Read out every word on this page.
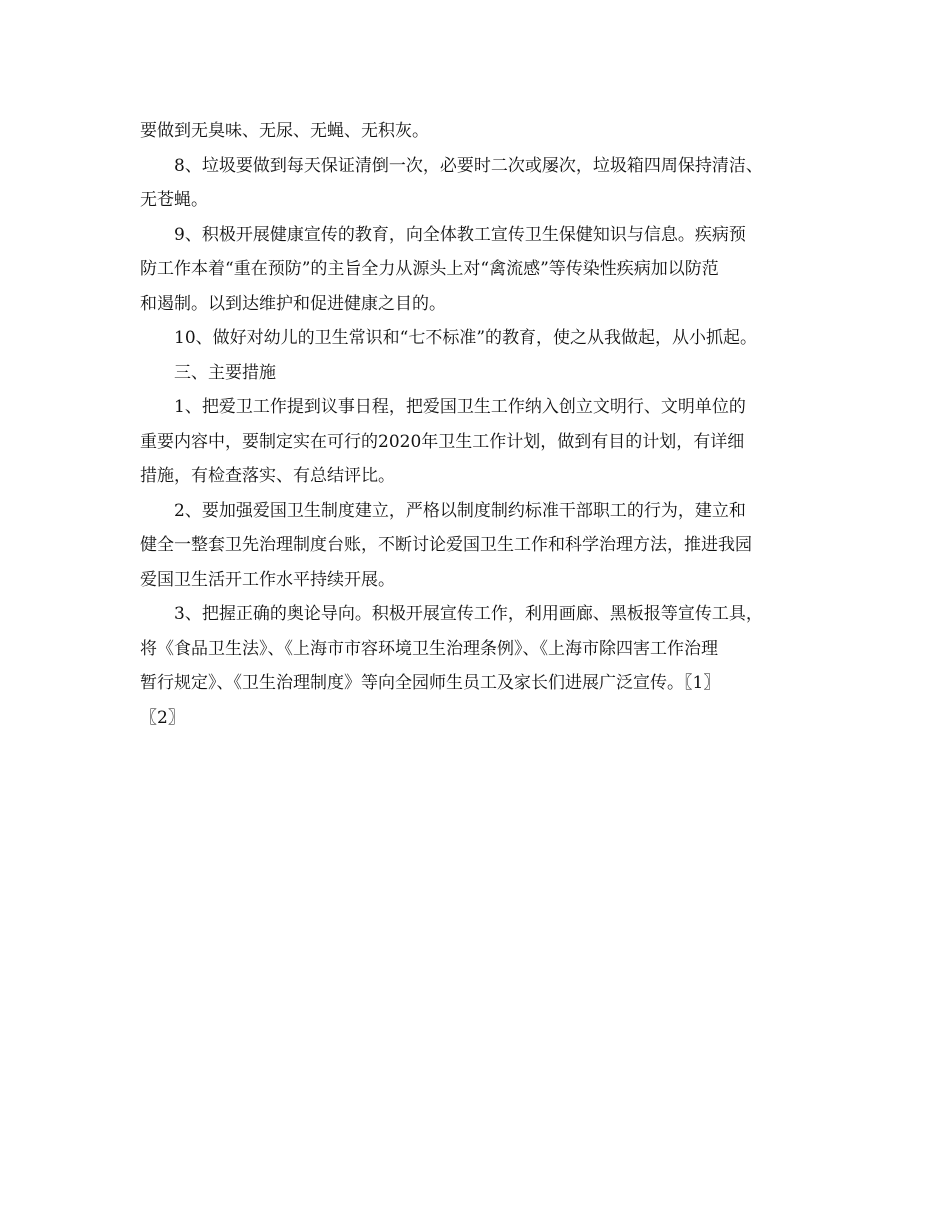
要做到无臭味、无尿、无蝇、无积灰。
8、垃圾要做到每天保证清倒一次，必要时二次或屡次，垃圾箱四周保持清洁、
无苍蝇。
9、积极开展健康宣传的教育，向全体教工宣传卫生保健知识与信息。疾病预
防工作本着“重在预防”的主旨全力从源头上对“禽流感”等传染性疾病加以防范
和遏制。以到达维护和促进健康之目的。
10、做好对幼儿的卫生常识和“七不标准”的教育，使之从我做起，从小抓起。
三、主要措施
1、把爱卫工作提到议事日程，把爱国卫生工作纳入创立文明行、文明单位的
重要内容中，要制定实在可行的2020年卫生工作计划，做到有目的计划，有详细
措施，有检查落实、有总结评比。
2、要加强爱国卫生制度建立，严格以制度制约标准干部职工的行为，建立和
健全一整套卫先治理制度台账，不断讨论爱国卫生工作和科学治理方法，推进我园
爱国卫生活开工作水平持续开展。
3、把握正确的奥论导向。积极开展宣传工作，利用画廊、黑板报等宣传工具，
将《食品卫生法》、《上海市市容环境卫生治理条例》、《上海市除四害工作治理
暂行规定》、《卫生治理制度》等向全园师生员工及家长们进展广泛宣传。〖1〗
〖2〗
